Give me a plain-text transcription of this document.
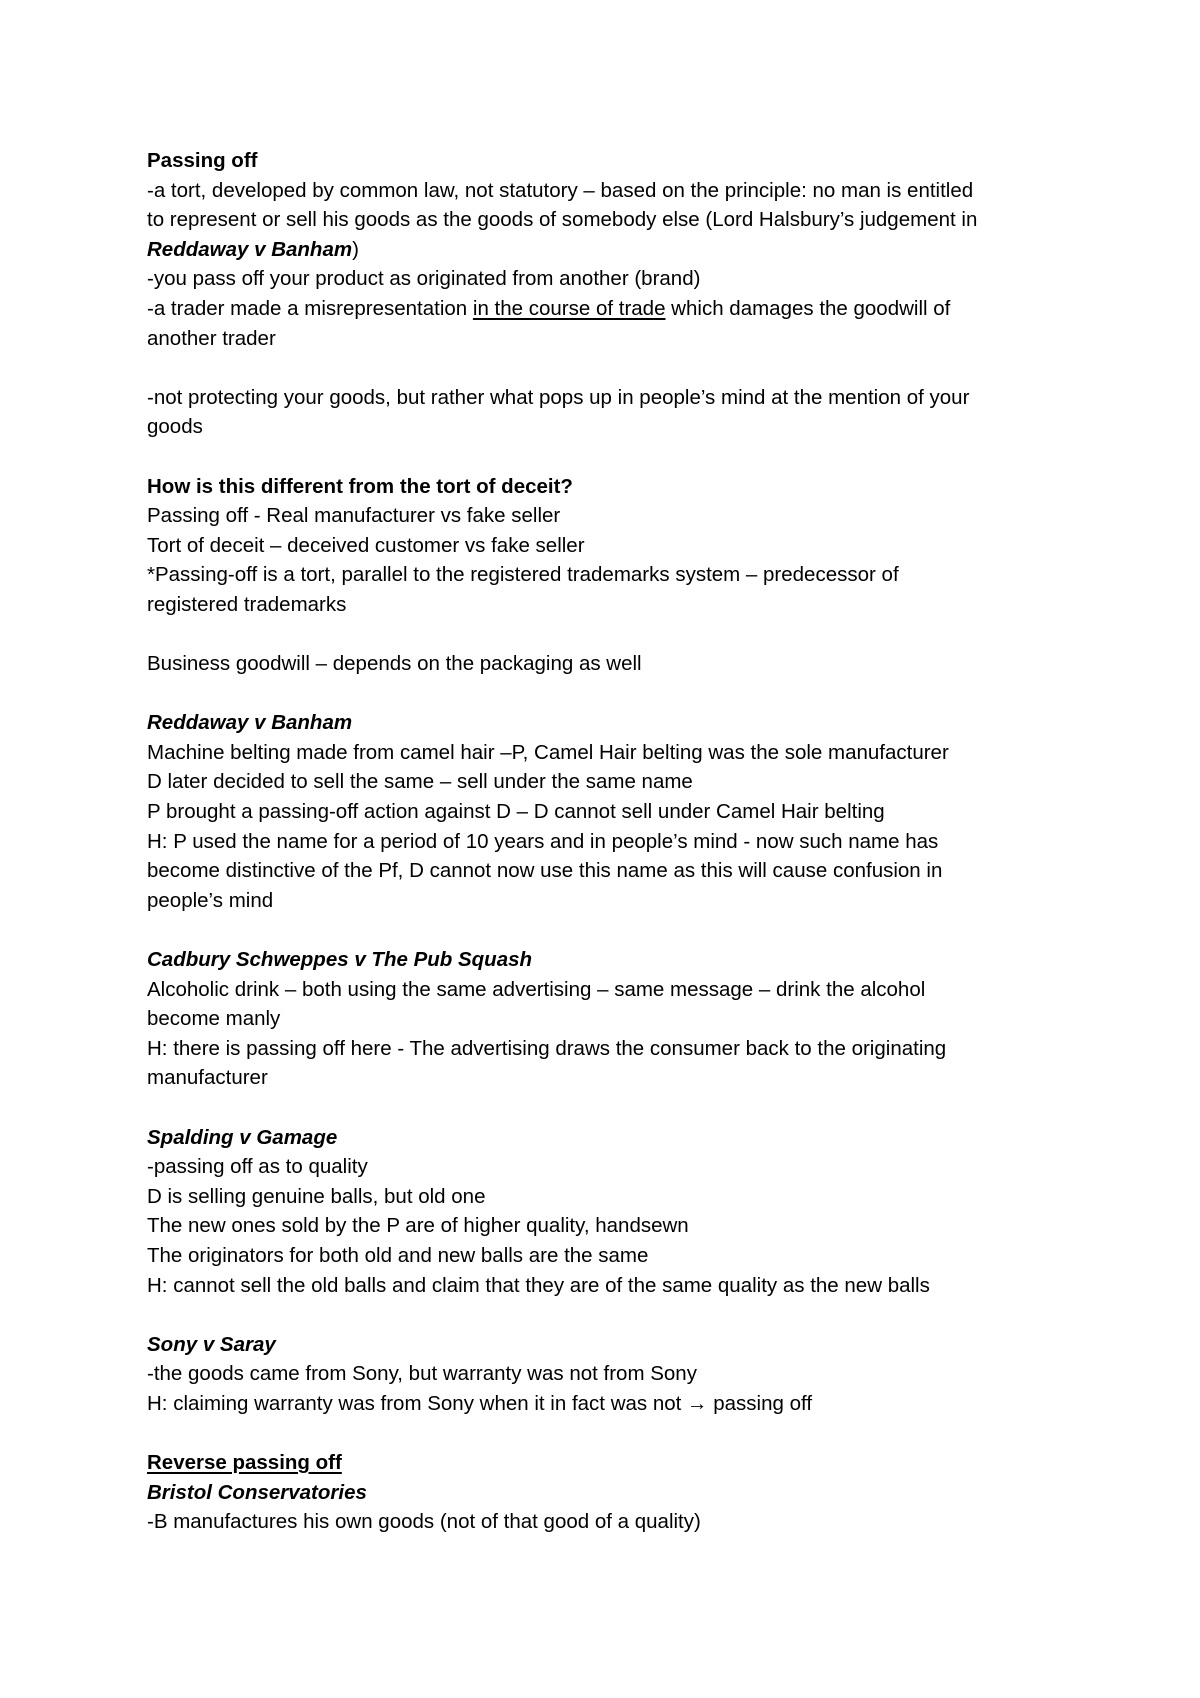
Passing off

-a tort, developed by common law, not statutory – based on the principle: no man is entitled

to represent or sell his goods as the goods of somebody else (Lord Halsbury’s judgement in

Reddaway v Banham)

-you pass off your product as originated from another (brand)

-a trader made a misrepresentation in the course of trade which damages the goodwill of

another trader

-not protecting your goods, but rather what pops up in people’s mind at the mention of your

goods

How is this different from the tort of deceit?

Passing off - Real manufacturer vs fake seller

Tort of deceit – deceived customer vs fake seller

*Passing-off is a tort, parallel to the registered trademarks system – predecessor of

registered trademarks

Business goodwill – depends on the packaging as well

Reddaway v Banham

Machine belting made from camel hair –P, Camel Hair belting was the sole manufacturer

D later decided to sell the same – sell under the same name

P brought a passing-off action against D – D cannot sell under Camel Hair belting

H: P used the name for a period of 10 years and in people’s mind - now such name has

become distinctive of the Pf, D cannot now use this name as this will cause confusion in

people’s mind

Cadbury Schweppes v The Pub Squash

Alcoholic drink – both using the same advertising – same message – drink the alcohol

become manly

H: there is passing off here - The advertising draws the consumer back to the originating

manufacturer

Spalding v Gamage

-passing off as to quality

D is selling genuine balls, but old one

The new ones sold by the P are of higher quality, handsewn

The originators for both old and new balls are the same

H: cannot sell the old balls and claim that they are of the same quality as the new balls

Sony v Saray

-the goods came from Sony, but warranty was not from Sony

H: claiming warranty was from Sony when it in fact was not → passing off

Reverse passing off

Bristol Conservatories

-B manufactures his own goods (not of that good of a quality)
